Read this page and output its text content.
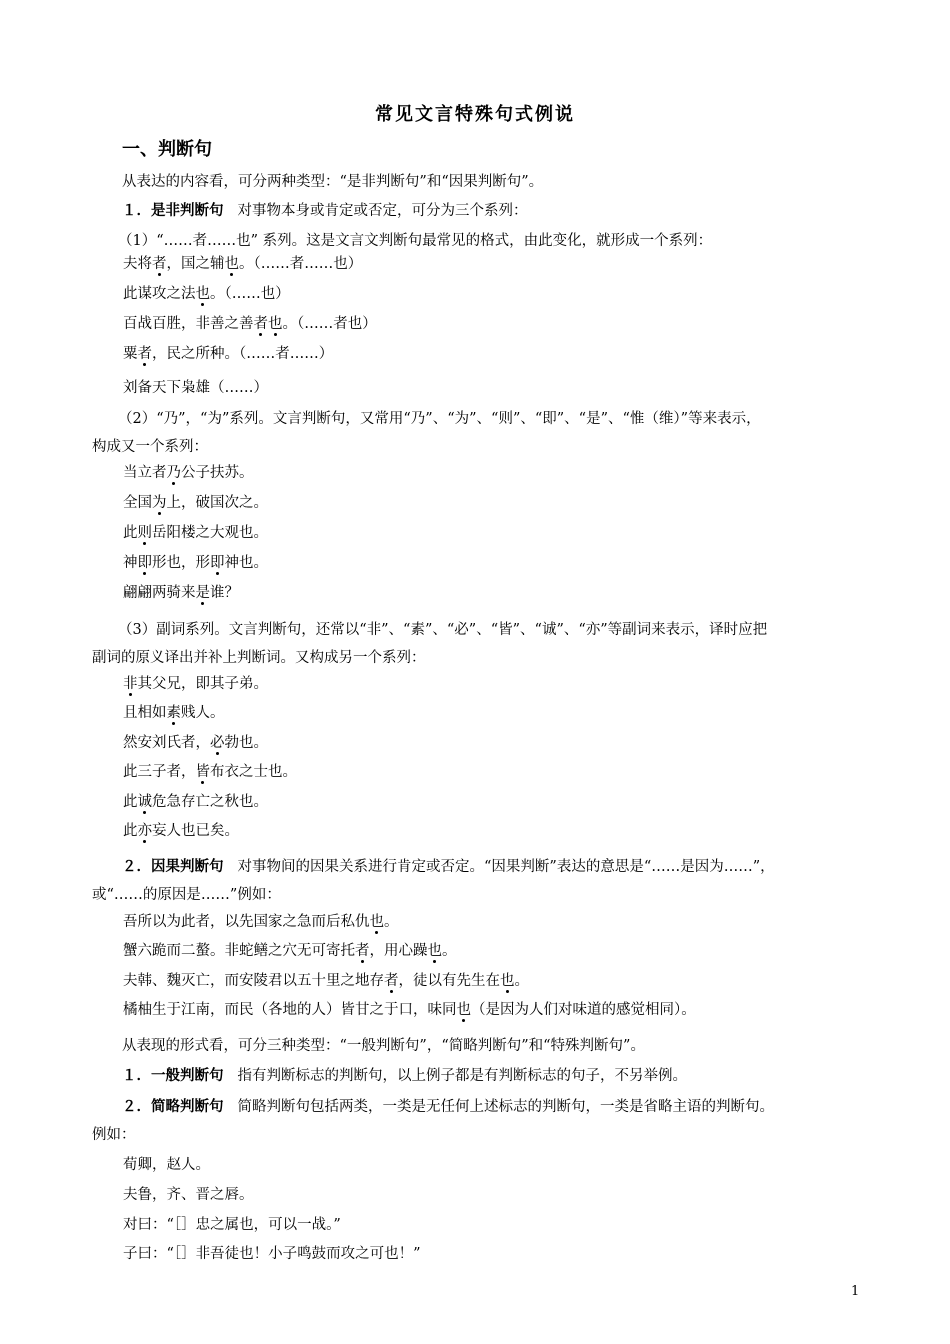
常见文言特殊句式例说
一、判断句
从表达的内容看，可分两种类型：“是非判断句”和“因果判断句”。
１．是非判断句 对事物本身或肯定或否定，可分为三个系列：
（1）“……者……也” 系列。这是文言文判断句最常见的格式，由此变化，就形成一个系列：
夫将者，国之辅也。（……者……也）
此谋攻之法也。（……也）
百战百胜，非善之善者也。（……者也）
粟者，民之所种。（……者……）
刘备天下枭雄（……）
（2）“乃”，“为”系列。文言判断句，又常用“乃”、“为”、“则”、“即”、“是”、“惟（维）”等来表示，
构成又一个系列：
当立者乃公子扶苏。
全国为上，破国次之。
此则岳阳楼之大观也。
神即形也，形即神也。
翩翩两骑来是谁？
（3）副词系列。文言判断句，还常以“非”、“素”、“必”、“皆”、“诚”、“亦”等副词来表示，译时应把
副词的原义译出并补上判断词。又构成另一个系列：
非其父兄，即其子弟。
且相如素贱人。
然安刘氏者，必勃也。
此三子者，皆布衣之士也。
此诚危急存亡之秋也。
此亦妄人也已矣。
２．因果判断句 对事物间的因果关系进行肯定或否定。“因果判断”表达的意思是“……是因为……”，
或“……的原因是……”例如：
吾所以为此者，以先国家之急而后私仇也。
蟹六跪而二螯。非蛇鳝之穴无可寄托者，用心躁也。
夫韩、魏灭亡，而安陵君以五十里之地存者，徒以有先生在也。
橘柚生于江南，而民（各地的人）皆甘之于口，味同也（是因为人们对味道的感觉相同）。
从表现的形式看，可分三种类型：“一般判断句”，“简略判断句”和“特殊判断句”。
１．一般判断句 指有判断标志的判断句，以上例子都是有判断标志的句子，不另举例。
２．简略判断句 简略判断句包括两类，一类是无任何上述标志的判断句，一类是省略主语的判断句。
例如：
荀卿，赵人。
夫鲁，齐、晋之唇。
对曰：“［］忠之属也，可以一战。”
子曰：“［］非吾徒也！小子鸣鼓而攻之可也！”
1
